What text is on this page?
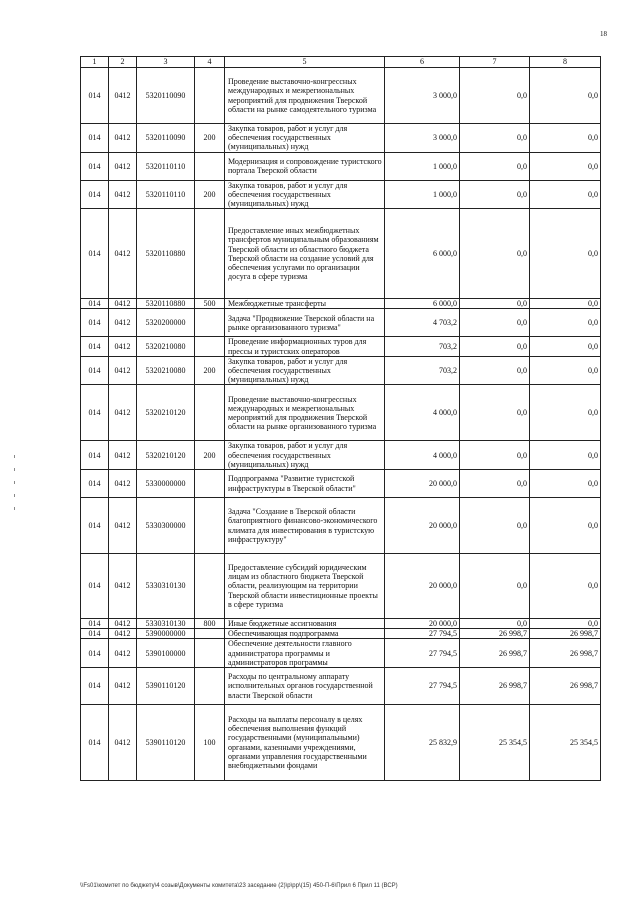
18
1	2	3	4	5	6	7	8
014	0412	5320110090		Проведение выставочно-конгрессных международных и межрегиональных мероприятий для продвижения Тверской области на рынке самодеятельного туризма	3 000,0	0,0	0,0
014	0412	5320110090	200	Закупка товаров, работ и услуг для обеспечения государственных (муниципальных) нужд	3 000,0	0,0	0,0
014	0412	5320110110		Модернизация и сопровождение туристского портала Тверской области	1 000,0	0,0	0,0
014	0412	5320110110	200	Закупка товаров, работ и услуг для обеспечения государственных (муниципальных) нужд	1 000,0	0,0	0,0
014	0412	5320110880		Предоставление иных межбюджетных трансфертов муниципальным образованиям Тверской области из областного бюджета Тверской области на создание условий для обеспечения услугами по организации досуга в сфере туризма	6 000,0	0,0	0,0
014	0412	5320110880	500	Межбюджетные трансферты	6 000,0	0,0	0,0
014	0412	5320200000		Задача "Продвижение Тверской области на рынке организованного туризма"	4 703,2	0,0	0,0
014	0412	5320210080		Проведение информационных туров для прессы и туристских операторов	703,2	0,0	0,0
014	0412	5320210080	200	Закупка товаров, работ и услуг для обеспечения государственных (муниципальных) нужд	703,2	0,0	0,0
014	0412	5320210120		Проведение выставочно-конгрессных международных и межрегиональных мероприятий для продвижения Тверской области на рынке организованного туризма	4 000,0	0,0	0,0
014	0412	5320210120	200	Закупка товаров, работ и услуг для обеспечения государственных (муниципальных) нужд	4 000,0	0,0	0,0
014	0412	5330000000		Подпрограмма "Развитие туристской инфраструктуры в Тверской области"	20 000,0	0,0	0,0
014	0412	5330300000		Задача "Создание в Тверской области благоприятного финансово-экономического климата для инвестирования в туристскую инфраструктуру"	20 000,0	0,0	0,0
014	0412	5330310130		Предоставление субсидий юридическим лицам из областного бюджета Тверской области, реализующим на территории Тверской области инвестиционные проекты в сфере туризма	20 000,0	0,0	0,0
014	0412	5330310130	800	Иные бюджетные ассигнования	20 000,0	0,0	0,0
014	0412	5390000000		Обеспечивающая подпрограмма	27 794,5	26 998,7	26 998,7
014	0412	5390100000		Обеспечение деятельности главного администратора программы и администраторов программы	27 794,5	26 998,7	26 998,7
014	0412	5390110120		Расходы по центральному аппарату исполнительных органов государственной власти Тверской области	27 794,5	26 998,7	26 998,7
014	0412	5390110120	100	Расходы на выплаты персоналу в целях обеспечения выполнения функций государственными (муниципальными) органами, казенными учреждениями, органами управления государственными внебюджетными фондами	25 832,9	25 354,5	25 354,5
\\Fs01\комитет по бюджету\4 созыв\Документы комитета\23 заседание (2)\p\pp\(15) 450-П-6\Прил 6 Прил 11 (ВСР)
